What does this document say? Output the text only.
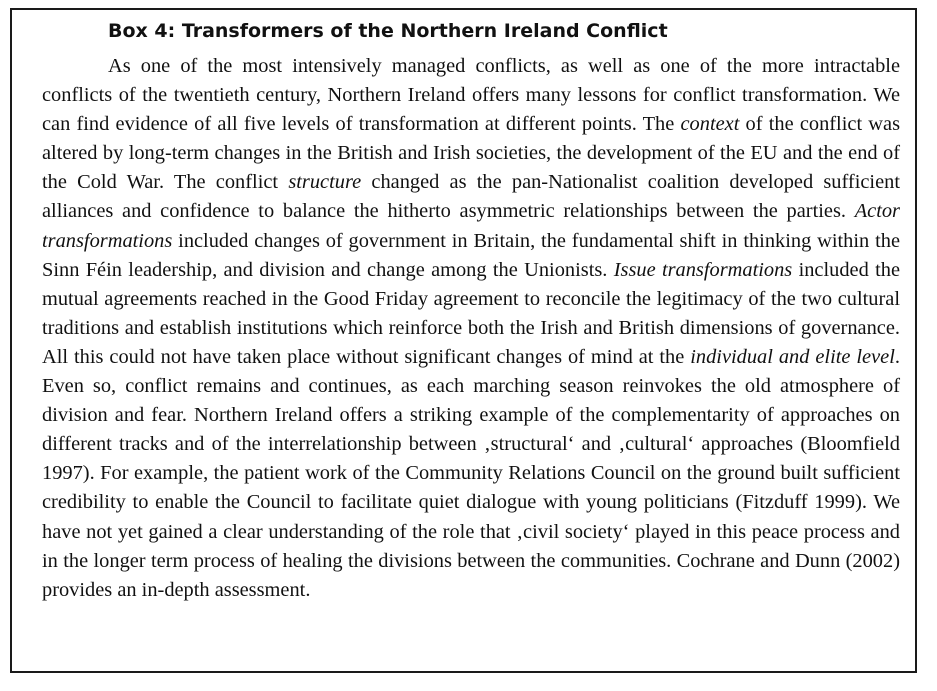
Box 4: Transformers of the Northern Ireland Conflict

As one of the most intensively managed conflicts, as well as one of the more intractable conflicts of the twentieth century, Northern Ireland offers many lessons for conflict transformation. We can find evidence of all five levels of transformation at different points. The context of the conflict was altered by long-term changes in the British and Irish societies, the development of the EU and the end of the Cold War. The conflict structure changed as the pan-Nationalist coalition developed sufficient alliances and confidence to balance the hitherto asymmetric relationships between the parties. Actor transformations included changes of government in Britain, the fundamental shift in thinking within the Sinn Féin leadership, and division and change among the Unionists. Issue transformations included the mutual agreements reached in the Good Friday agreement to reconcile the legitimacy of the two cultural traditions and establish institutions which reinforce both the Irish and British dimensions of governance. All this could not have taken place without significant changes of mind at the individual and elite level. Even so, conflict remains and continues, as each marching season reinvokes the old atmosphere of division and fear. Northern Ireland offers a striking example of the complementarity of approaches on different tracks and of the interrelationship between ‚structural‘ and ‚cultural‘ approaches (Bloomfield 1997). For example, the patient work of the Community Relations Council on the ground built sufficient credibility to enable the Council to facilitate quiet dialogue with young politicians (Fitzduff 1999). We have not yet gained a clear understanding of the role that ‚civil society‘ played in this peace process and in the longer term process of healing the divisions between the communities. Cochrane and Dunn (2002) provides an in-depth assessment.
